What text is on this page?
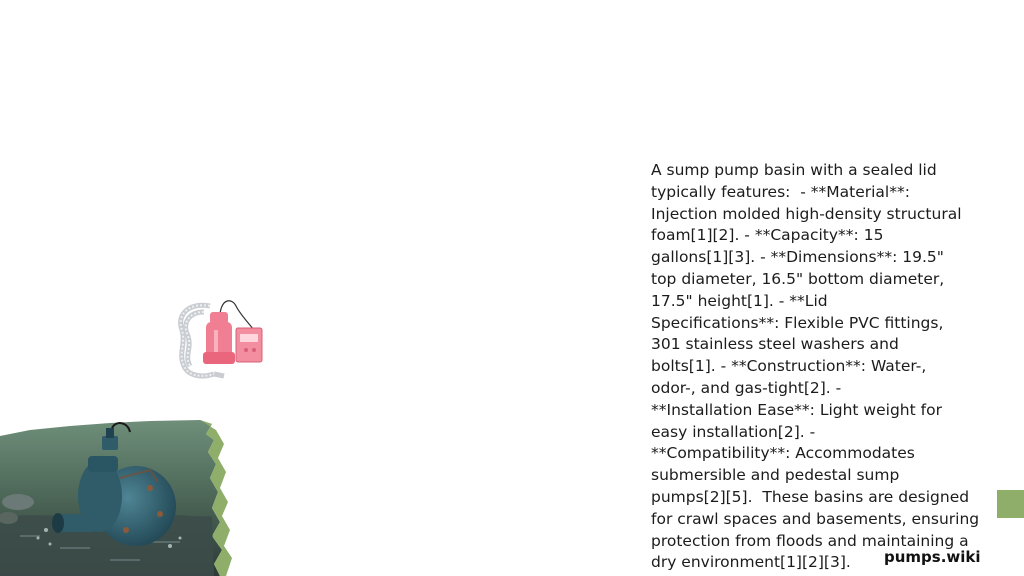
A sump pump basin with a sealed lid
typically features:  - **Material**:
Injection molded high-density structural
foam[1][2]. - **Capacity**: 15
gallons[1][3]. - **Dimensions**: 19.5"
top diameter, 16.5" bottom diameter,
17.5" height[1]. - **Lid
Specifications**: Flexible PVC fittings,
301 stainless steel washers and
bolts[1]. - **Construction**: Water-,
odor-, and gas-tight[2]. -
**Installation Ease**: Light weight for
easy installation[2]. -
**Compatibility**: Accommodates
submersible and pedestal sump
pumps[2][5].  These basins are designed
for crawl spaces and basements, ensuring
protection from floods and maintaining a
dry environment[1][2][3].	pumps.wiki
